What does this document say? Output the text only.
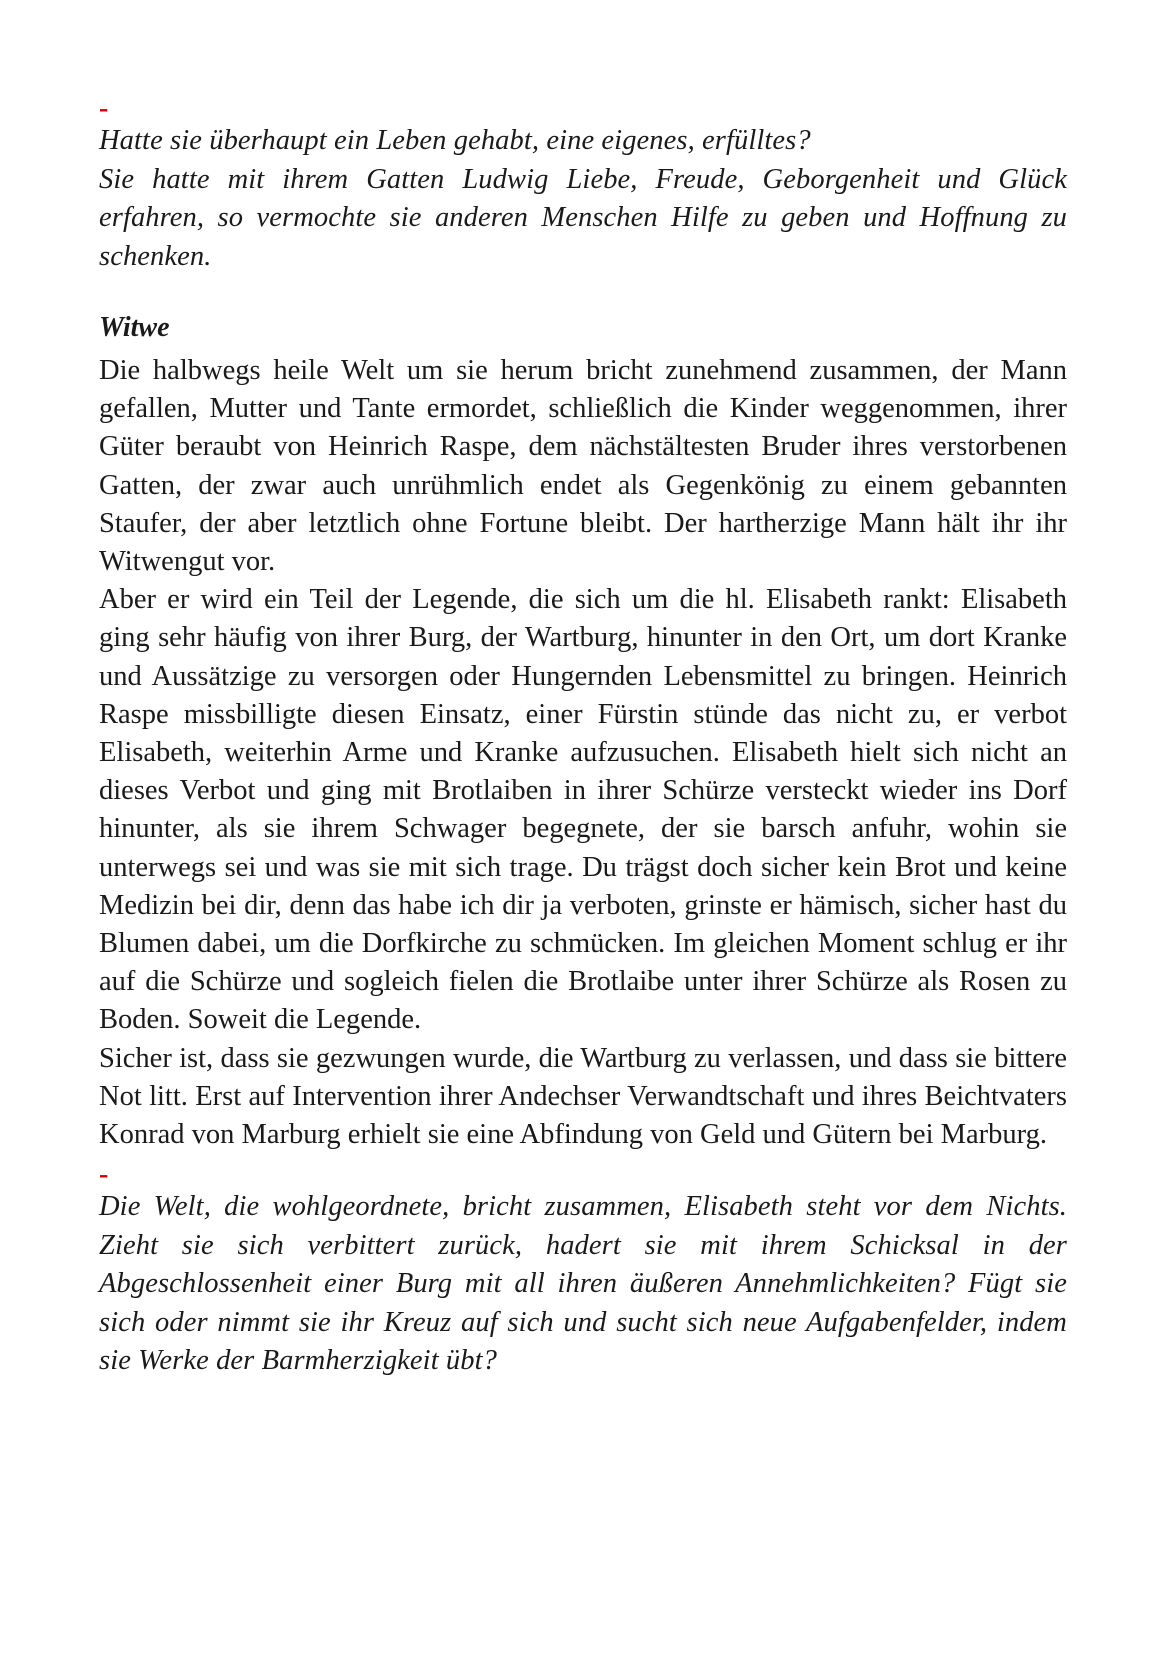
-

Hatte sie überhaupt ein Leben gehabt, eine eigenes, erfülltes?

Sie hatte mit ihrem Gatten Ludwig Liebe, Freude, Geborgenheit und Glück erfahren, so vermochte sie anderen Menschen Hilfe zu geben und Hoffnung zu schenken.

Witwe

Die halbwegs heile Welt um sie herum bricht zunehmend zusammen, der Mann gefallen, Mutter und Tante ermordet, schließlich die Kinder weggenommen, ihrer Güter beraubt von Heinrich Raspe, dem nächstältesten Bruder ihres verstorbenen Gatten, der zwar auch unrühmlich endet als Gegenkönig zu einem gebannten Staufer, der aber letztlich ohne Fortune bleibt. Der hartherzige Mann hält ihr ihr Witwengut vor.

Aber er wird ein Teil der Legende, die sich um die hl. Elisabeth rankt: Elisabeth ging sehr häufig von ihrer Burg, der Wartburg, hinunter in den Ort, um dort Kranke und Aussätzige zu versorgen oder Hungernden Lebensmittel zu bringen. Heinrich Raspe missbilligte diesen Einsatz, einer Fürstin stünde das nicht zu, er verbot Elisabeth, weiterhin Arme und Kranke aufzusuchen. Elisabeth hielt sich nicht an dieses Verbot und ging mit Brotlaiben in ihrer Schürze versteckt wieder ins Dorf hinunter, als sie ihrem Schwager begegnete, der sie barsch anfuhr, wohin sie unterwegs sei und was sie mit sich trage. Du trägst doch sicher kein Brot und keine Medizin bei dir, denn das habe ich dir ja verboten, grinste er hämisch, sicher hast du Blumen dabei, um die Dorfkirche zu schmücken. Im gleichen Moment schlug er ihr auf die Schürze und sogleich fielen die Brotlaibe unter ihrer Schürze als Rosen zu Boden. Soweit die Legende.

Sicher ist, dass sie gezwungen wurde, die Wartburg zu verlassen, und dass sie bittere Not litt. Erst auf Intervention ihrer Andechser Verwandtschaft und ihres Beichtvaters Konrad von Marburg erhielt sie eine Abfindung von Geld und Gütern bei Marburg.

-

Die Welt, die wohlgeordnete, bricht zusammen, Elisabeth steht vor dem Nichts. Zieht sie sich verbittert zurück, hadert sie mit ihrem Schicksal in der Abgeschlossenheit einer Burg mit all ihren äußeren Annehmlichkeiten? Fügt sie sich oder nimmt sie ihr Kreuz auf sich und sucht sich neue Aufgabenfelder, indem sie Werke der Barmherzigkeit übt?
